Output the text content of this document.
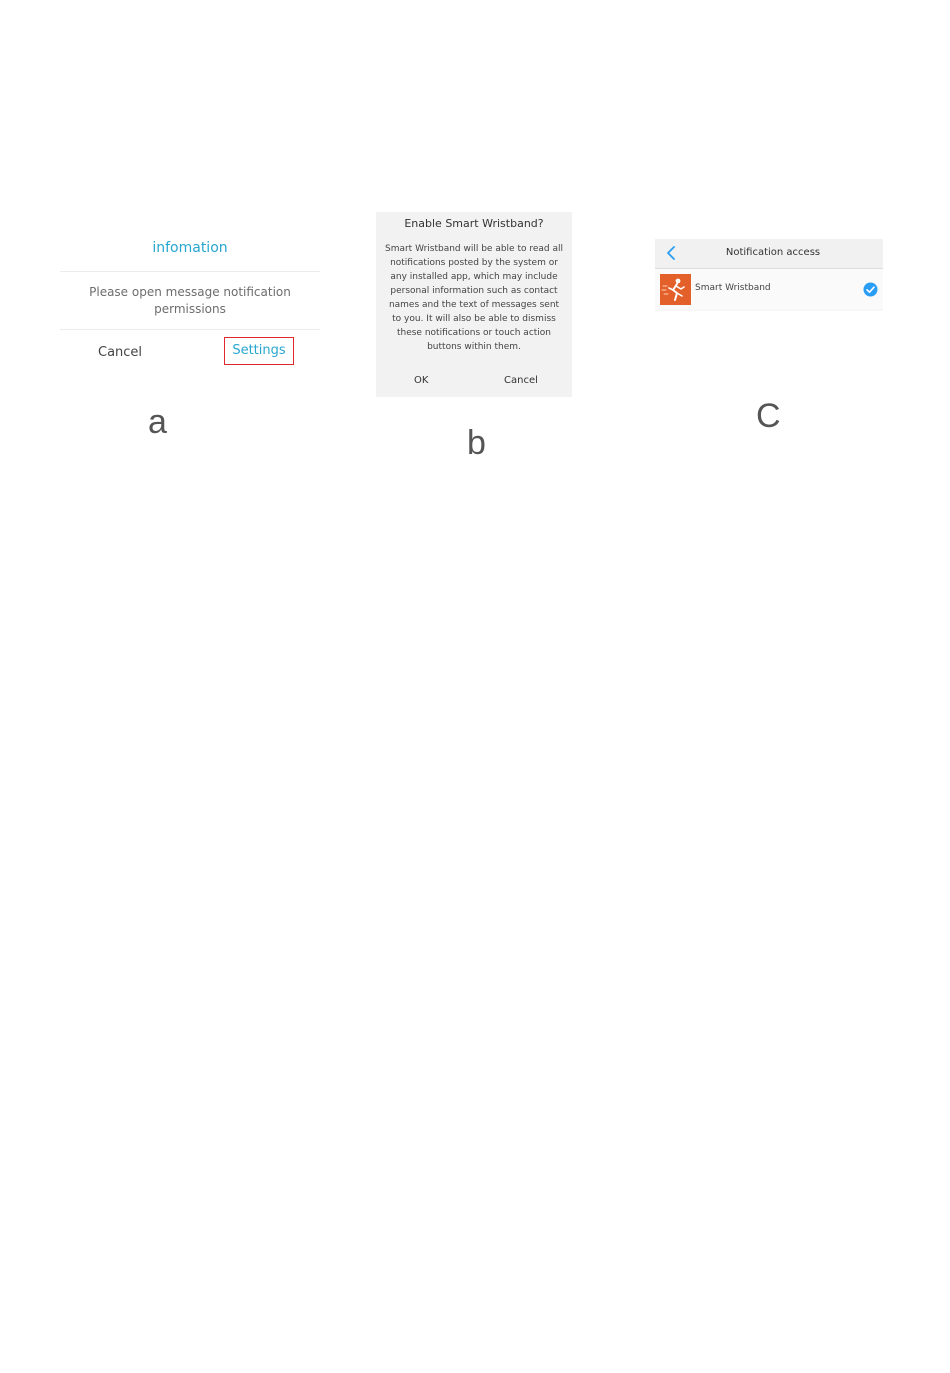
infomation
Please open message notification permissions
Cancel	Settings
a
Enable Smart Wristband?
Smart Wristband will be able to read all notifications posted by the system or any installed app, which may include personal information such as contact names and the text of messages sent to you. It will also be able to dismiss these notifications or touch action buttons within them.
OK	Cancel
b
Notification access
Smart Wristband
C
